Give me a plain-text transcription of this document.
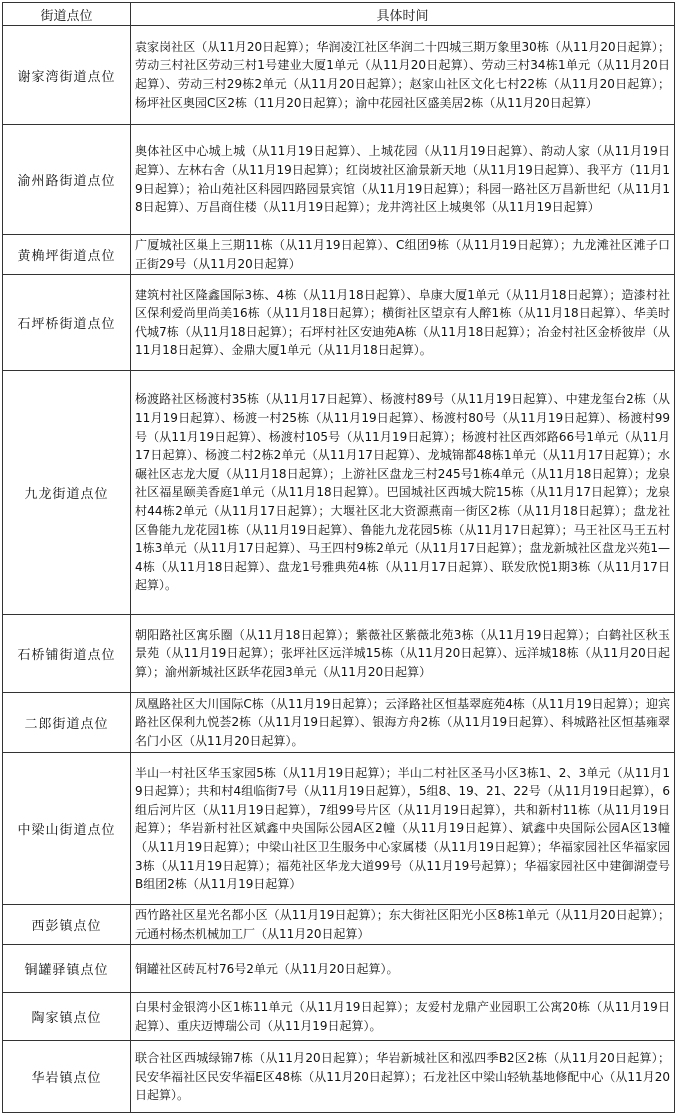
街道点位	具体时间
谢家湾街道点位	袁家岗社区（从11月20日起算）；华润凌江社区华润二十四城三期万象里30栋（从11月20日起算）；劳动三村社区劳动三村1号建业大厦1单元（从11月20日起算）、劳动三村34栋1单元（从11月20日起算）、劳动三村29栋2单元（从11月20日起算）；赵家山社区文化七村22栋（从11月20日起算）；杨坪社区奥园C区2栋（11月20日起算）；渝中花园社区盛美居2栋（从11月20日起算）
渝州路街道点位	奥体社区中心城上城（从11月19日起算）、上城花园（从11月19日起算）、韵动人家（从11月19日起算）、左林右舍（从11月19日起算）；红岗坡社区渝景新天地（从11月19日起算）、我平方（11月19日起算）；袷山苑社区科园四路园景宾馆（从11月19日起算）；科园一路社区万昌新世纪（从11月18日起算）、万昌商住楼（从11月19日起算）；龙井湾社区上城奥邻（从11月19日起算）
黄桷坪街道点位	广厦城社区巢上三期11栋（从11月19日起算）、C组团9栋（从11月19日起算）；九龙滩社区滩子口正街29号（从11月20日起算）
石坪桥街道点位	建筑村社区隆鑫国际3栋、4栋（从11月18日起算）、阜康大厦1单元（从11月18日起算）；造漆村社区保利爱尚里尚美16栋（从11月18日起算）；横街社区望京有人醉1栋（从11月18日起算）、华美时代城7栋（从11月18日起算）；石坪村社区安迪苑A栋（从11月18日起算）；冶金村社区金桥彼岸（从11月18日起算）、金鼎大厦1单元（从11月18日起算）。
九龙街道点位	杨渡路社区杨渡村35栋（从11月17日起算）、杨渡村89号（从11月19日起算）、中建龙玺台2栋（从11月19日起算）、杨渡一村25栋（从11月19日起算）、杨渡村80号（从11月19日起算）、杨渡村99号（从11月19日起算）、杨渡村105号（从11月19日起算）；杨渡村社区西郊路66号1单元（从11月17日起算）、杨渡二村2栋2单元（从11月17日起算）、龙城锦都48栋1单元（从11月17日起算）；水碾社区志龙大厦（从11月18日起算）；上游社区盘龙三村245号1栋4单元（从11月18日起算）；龙泉社区福星颐美香庭1单元（从11月18日起算）。巴国城社区西城大院15栋（从11月17日起算）；龙泉村44栋2单元（从11月17日起算）；大堰社区北大资源燕南一街区2栋（从11月18日起算）；盘龙社区鲁能九龙花园1栋（从11月19日起算）、鲁能九龙花园5栋（从11月17日起算）；马王社区马王五村1栋3单元（从11月17日起算）、马王四村9栋2单元（从11月17日起算）；盘龙新城社区盘龙兴苑1—4栋（从11月18日起算）、盘龙1号雅典苑4栋（从11月17日起算）、联发欣悦1期3栋（从11月17日起算）。
石桥铺街道点位	朝阳路社区寓乐圈（从11月18日起算）；紫薇社区紫薇北苑3栋（从11月19日起算）；白鹤社区秋玉景苑（从11月19日起算）；张坪社区远洋城15栋（从11月20日起算）、远洋城18栋（从11月20日起算）；渝州新城社区跃华花园3单元（从11月20日起算）
二郎街道点位	凤凰路社区大川国际C栋（从11月19日起算）；云泽路社区恒基翠庭苑4栋（从11月19日起算）；迎宾路社区保利九悦荟2栋（从11月19日起算）、银海方舟2栋（从11月19日起算）、科城路社区恒基雍翠名门小区（从11月20日起算）。
中梁山街道点位	半山一村社区华玉家园5栋（从11月19日起算）；半山二村社区圣马小区3栋1、2、3单元（从11月19日起算）；共和村4组临街7号（从11月19日起算），5组8、19、21、22号（从11月19日起算），6组后河片区（从11月19日起算），7组99号片区（从11月19日起算），共和新村11栋（从11月19日起算）；华岩新村社区斌鑫中央国际公园A区2幢（从11月19日起算）、斌鑫中央国际公园A区13幢（从11月19日起算）；中梁山社区卫生服务中心家属楼（从11月19日起算）；华福家园社区华福家园3栋（从11月19日起算）；福苑社区华龙大道99号（从11月19号起算）；华福家园社区中建御湖壹号B组团2栋（从11月19日起算）
西彭镇点位	西竹路社区星光名都小区（从11月19日起算）；东大街社区阳光小区8栋1单元（从11月20日起算）；元通村杨杰机械加工厂（从11月20日起算）
铜罐驿镇点位	铜罐社区砖瓦村76号2单元（从11月20日起算）。
陶家镇点位	白果村金银湾小区1栋11单元（从11月19日起算）；友爱村龙鼎产业园职工公寓20栋（从11月19日起算）、重庆迈博瑞公司（从11月19日起算）。
华岩镇点位	联合社区西城绿锦7栋（从11月20日起算）；华岩新城社区和泓四季B2区2栋（从11月20日起算）；民安华福社区民安华福E区48栋（从11月20日起算）；石龙社区中梁山轻轨基地修配中心（从11月20日起算）。
